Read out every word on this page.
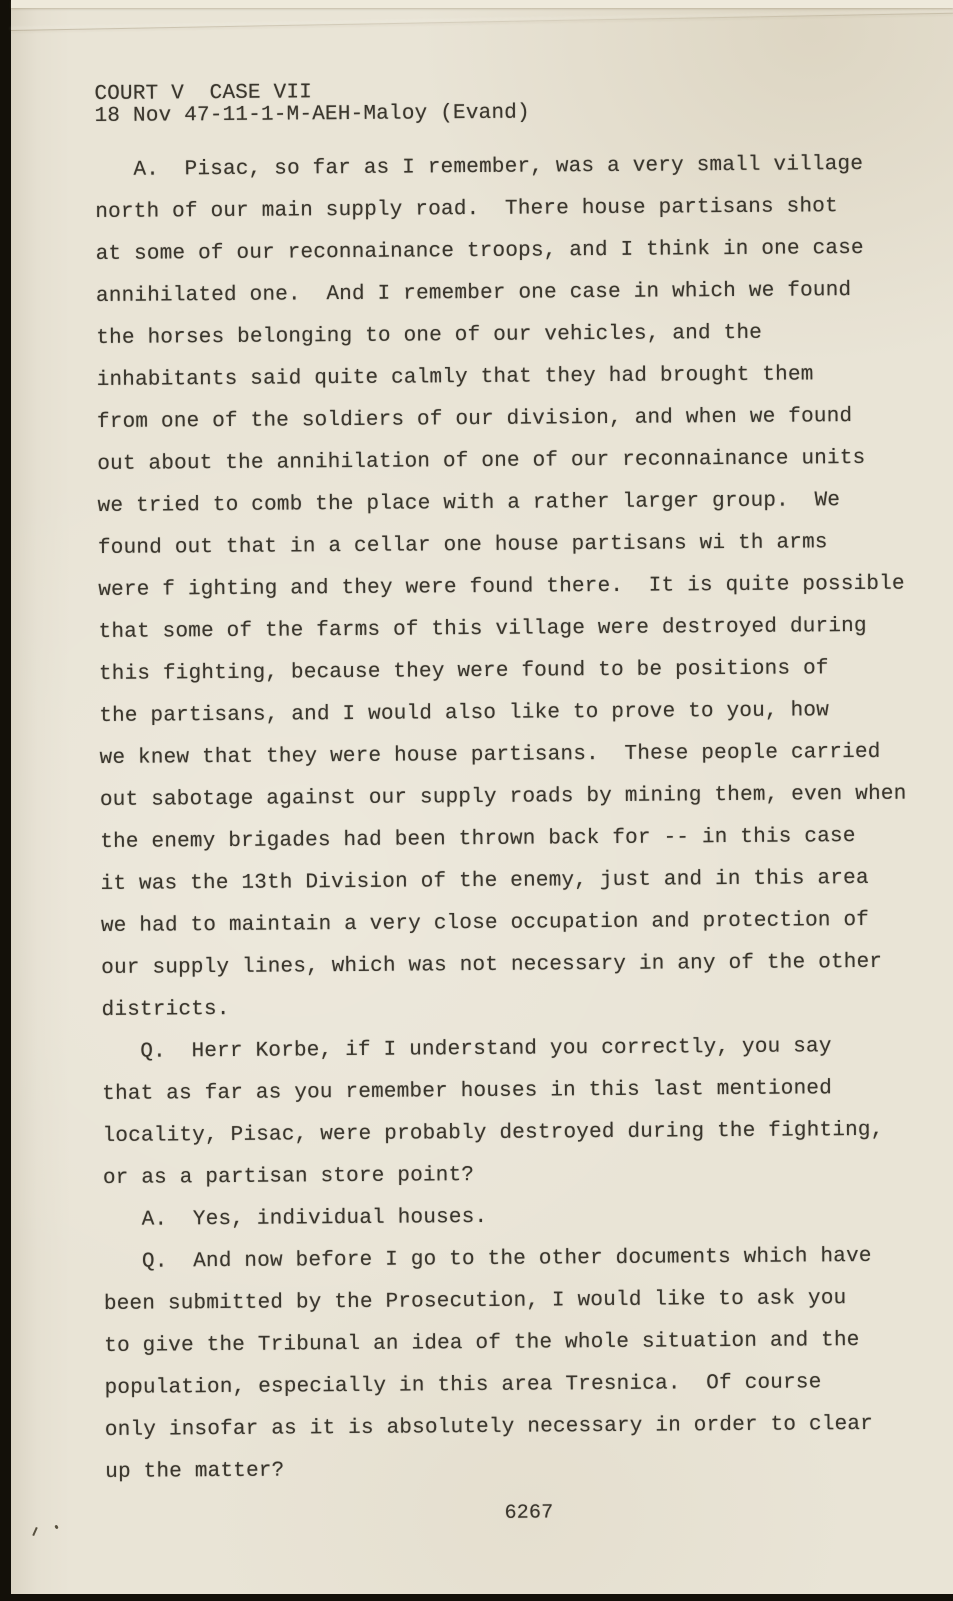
COURT V  CASE VII
18 Nov 47-11-1-M-AEH-Maloy (Evand)
A.  Pisac, so far as I remember, was a very small village
north of our main supply road.  There house partisans shot
at some of our reconnainance troops, and I think in one case
annihilated one.  And I remember one case in which we found
the horses belonging to one of our vehicles, and the
inhabitants said quite calmly that they had brought them
from one of the soldiers of our division, and when we found
out about the annihilation of one of our reconnainance units
we tried to comb the place with a rather larger group.  We
found out that in a cellar one house partisans wi th arms
were f ighting and they were found there.  It is quite possible
that some of the farms of this village were destroyed during
this fighting, because they were found to be positions of
the partisans, and I would also like to prove to you, how
we knew that they were house partisans.  These people carried
out sabotage against our supply roads by mining them, even when
the enemy brigades had been thrown back for -- in this case
it was the 13th Division of the enemy, just and in this area
we had to maintain a very close occupation and protection of
our supply lines, which was not necessary in any of the other
districts.
Q.  Herr Korbe, if I understand you correctly, you say
that as far as you remember houses in this last mentioned
locality, Pisac, were probably destroyed during the fighting,
or as a partisan store point?
A.  Yes, individual houses.
Q.  And now before I go to the other documents which have
been submitted by the Prosecution, I would like to ask you
to give the Tribunal an idea of the whole situation and the
population, especially in this area Tresnica.  Of course
only insofar as it is absolutely necessary in order to clear
up the matter?
6267
